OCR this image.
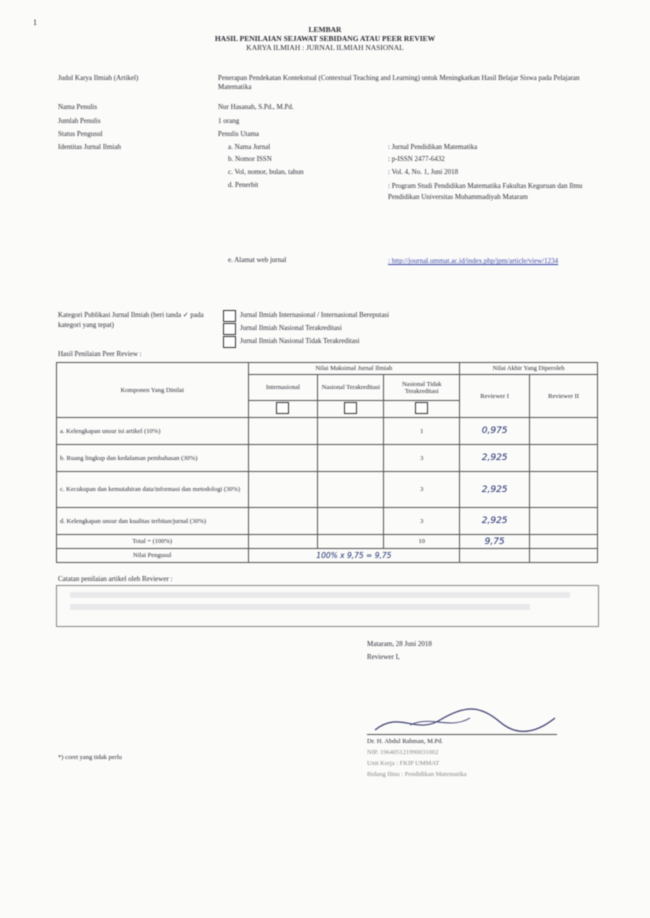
1
LEMBAR
HASIL PENILAIAN SEJAWAT SEBIDANG ATAU PEER REVIEW
KARYA ILMIAH : JURNAL ILMIAH NASIONAL
Judul Karya Ilmiah (Artikel)	Penerapan Pendekatan Kontekstual (Contextual Teaching and Learning) untuk Meningkatkan Hasil Belajar Siswa pada Pelajaran Matematika
Nama Penulis	Nur Hasanah, S.Pd., M.Pd.
Jumlah Penulis	1 orang
Status Pengusul	Penulis Utama
Identitas Jurnal Ilmiah	a. Nama Jurnal	: Jurnal Pendidikan Matematika
b. Nomor ISSN	: p-ISSN 2477-6432
c. Vol, nomor, bulan, tahun	: Vol. 4, No. 1, Juni 2018
d. Penerbit	: Program Studi Pendidikan Matematika Fakultas Keguruan dan Ilmu Pendidikan Universitas Muhammadiyah Mataram
e. Alamat web jurnal	: http://journal.ummat.ac.id/index.php/jpm/article/view/1234
Kategori Publikasi Jurnal Ilmiah (beri tanda ✓ pada kategori yang tepat)
Jurnal Ilmiah Internasional / Internasional Bereputasi
Jurnal Ilmiah Nasional Terakreditasi
Jurnal Ilmiah Nasional Tidak Terakreditasi
Hasil Penilaian Peer Review :
Komponen Yang Dinilai	Nilai Maksimal Jurnal Ilmiah			Nilai Akhir Yang Diperoleh	
	Internasional	Nasional Terakreditasi	Nasional Tidak Terakreditasi	Reviewer I	Reviewer II

a. Kelengkapan unsur isi artikel (10%)			1	0,975	
b. Ruang lingkup dan kedalaman pembahasan (30%)			3	2,925	
c. Kecukupan dan kemutahiran data/informasi dan metodologi (30%)			3	2,925	
d. Kelengkapan unsur dan kualitas terbitan/jurnal (30%)			3	2,925	
Total = (100%)			10	9,75	
Nilai Pengusul	100% x 9,75 = 9,75				
Catatan penilaian artikel oleh Reviewer :
Mataram, 28 Juni 2018
Reviewer I,
Dr. H. Abdul Rahman, M.Pd.
NIP. 196405121990031002
Unit Kerja : FKIP UMMAT
Bidang Ilmu : Pendidikan Matematika
*) coret yang tidak perlu
